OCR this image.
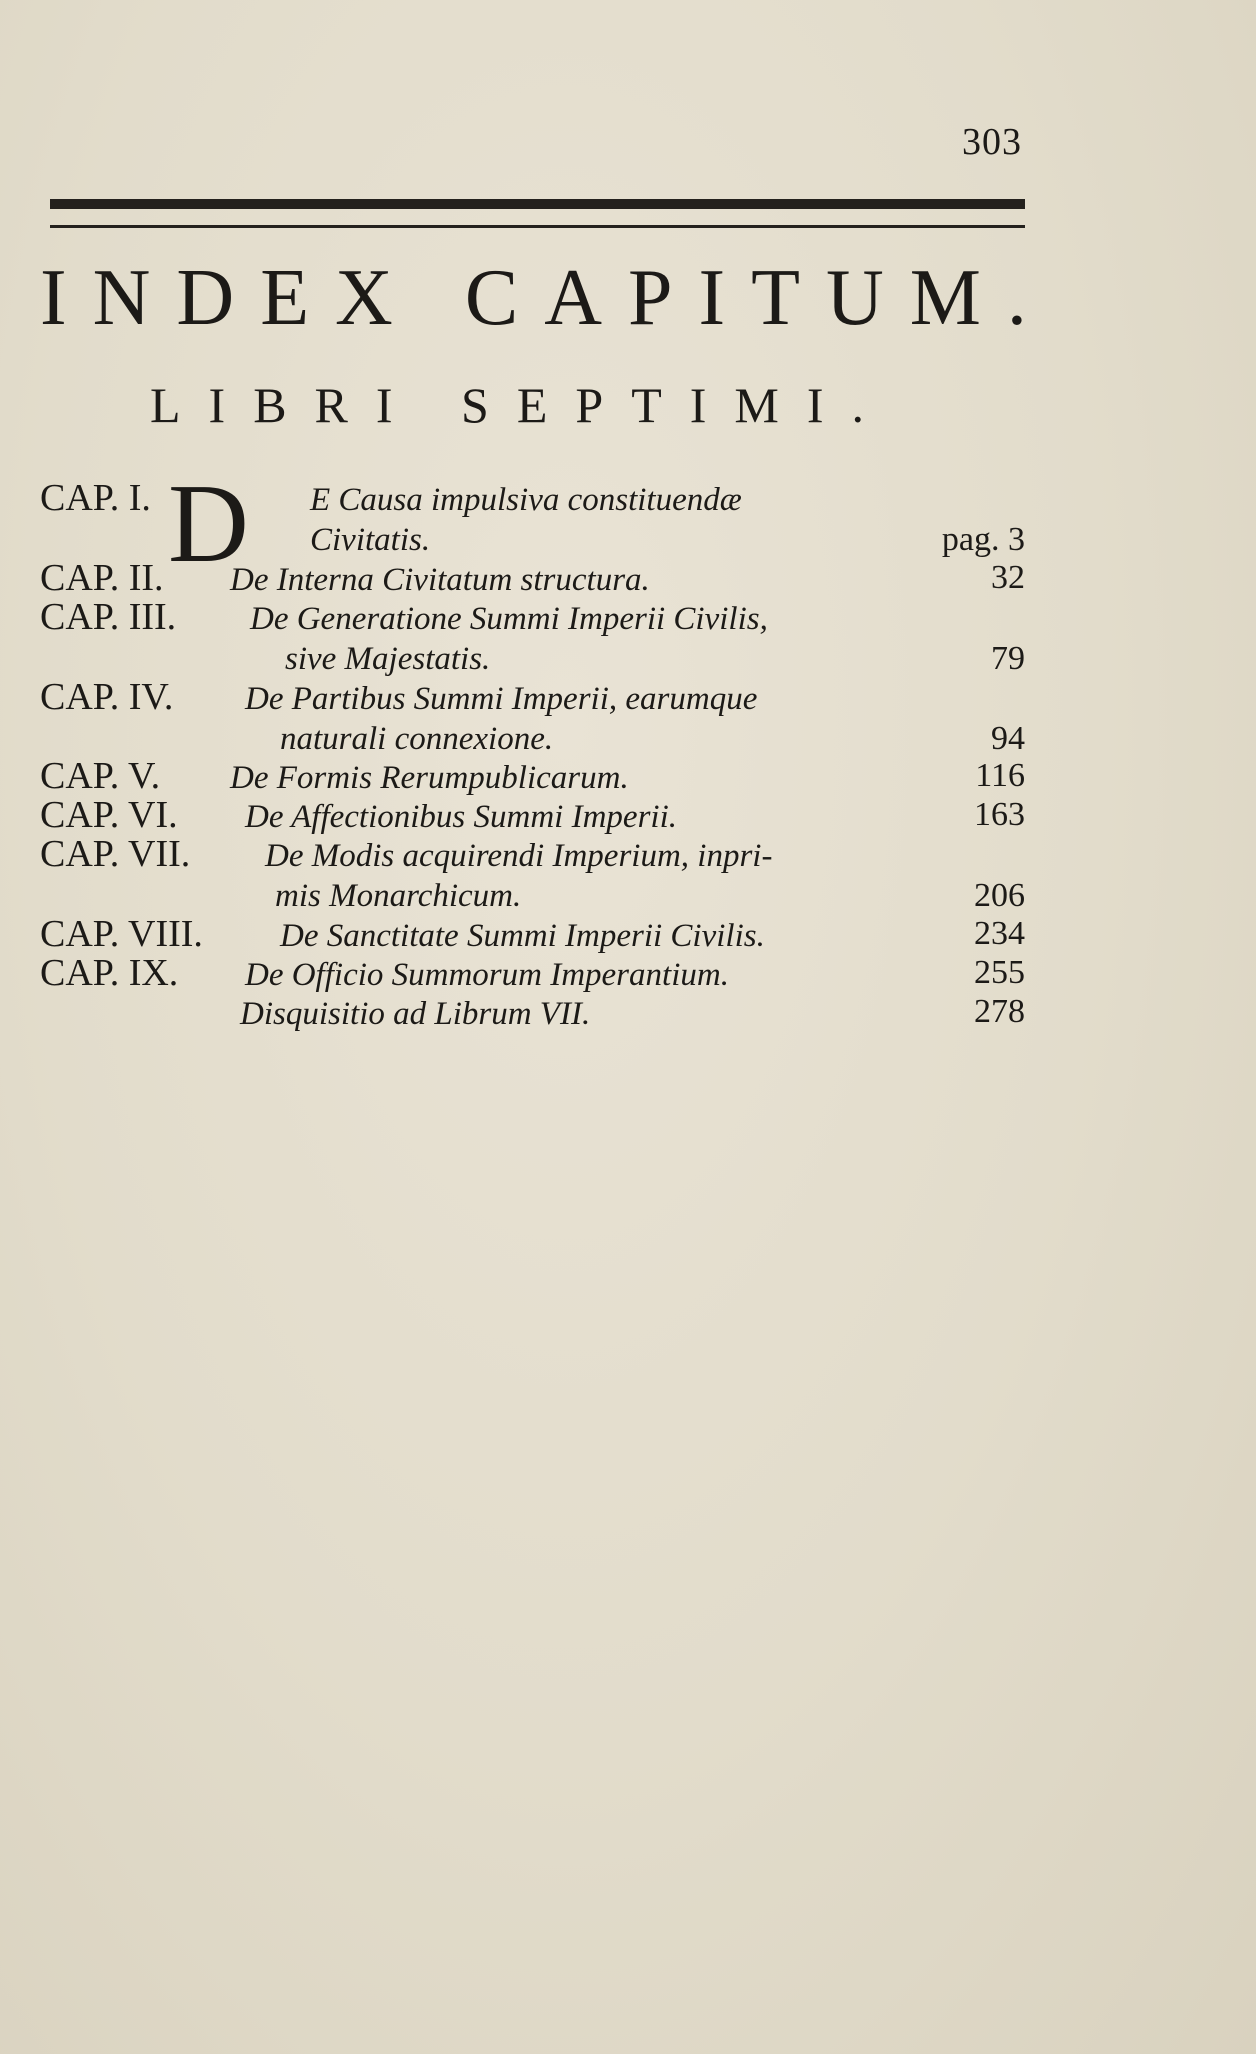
303
INDEX CAPITUM.
LIBRI SEPTIMI.
D
CAP. I.	E Causa impulsiva constituendæ
Civitatis.	pag. 3
CAP. II. De Interna Civitatum structura.	32
CAP. III. De Generatione Summi Imperii Civilis,
sive Majestatis.	79
CAP. IV. De Partibus Summi Imperii, earumque
naturali connexione.	94
CAP. V. De Formis Rerumpublicarum.	116
CAP. VI. De Affectionibus Summi Imperii.	163
CAP. VII. De Modis acquirendi Imperium, inpri-
mis Monarchicum.	206
CAP. VIII. De Sanctitate Summi Imperii Civilis.	234
CAP. IX. De Officio Summorum Imperantium.	255
Disquisitio ad Librum VII.	278
